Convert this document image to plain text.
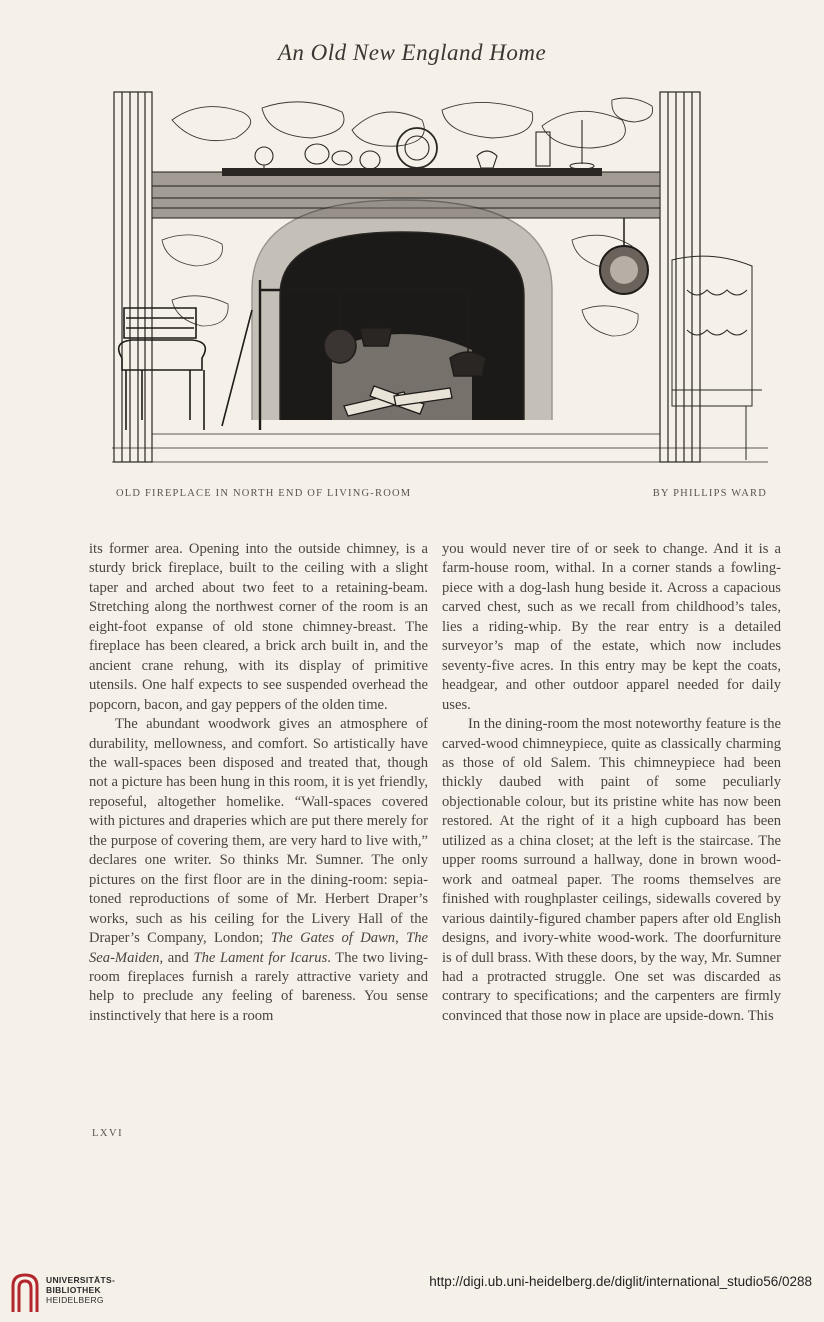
An Old New England Home
OLD FIREPLACE IN NORTH END OF LIVING-ROOM	BY PHILLIPS WARD

its former area. Opening into the outside chimney, is a sturdy brick fireplace, built to the ceiling with a slight taper and arched about two feet to a retaining-beam. Stretching along the northwest corner of the room is an eight-foot expanse of old stone chimney-breast. The fireplace has been cleared, a brick arch built in, and the ancient crane rehung, with its display of primitive utensils. One half expects to see suspended overhead the popcorn, bacon, and gay peppers of the olden time.

The abundant woodwork gives an atmosphere of durability, mellowness, and comfort. So artistically have the wall-spaces been disposed and treated that, though not a picture has been hung in this room, it is yet friendly, reposeful, altogether homelike. “Wall-spaces covered with pictures and draperies which are put there merely for the purpose of covering them, are very hard to live with,” declares one writer. So thinks Mr. Sumner. The only pictures on the first floor are in the dining-room: sepia-toned reproductions of some of Mr. Herbert Draper’s works, such as his ceiling for the Livery Hall of the Draper’s Company, London; The Gates of Dawn, The Sea-Maiden, and The Lament for Icarus. The two living-room fireplaces furnish a rarely attractive variety and help to preclude any feeling of bareness. You sense instinctively that here is a room

you would never tire of or seek to change. And it is a farm-house room, withal. In a corner stands a fowling-piece with a dog-lash hung beside it. Across a capacious carved chest, such as we recall from childhood’s tales, lies a riding-whip. By the rear entry is a detailed surveyor’s map of the estate, which now includes seventy-five acres. In this entry may be kept the coats, headgear, and other outdoor apparel needed for daily uses.

In the dining-room the most noteworthy feature is the carved-wood chimneypiece, quite as classically charming as those of old Salem. This chimneypiece had been thickly daubed with paint of some peculiarly objectionable colour, but its pristine white has now been restored. At the right of it a high cupboard has been utilized as a china closet; at the left is the staircase. The upper rooms surround a hallway, done in brown wood-work and oatmeal paper. The rooms themselves are finished with roughplaster ceilings, sidewalls covered by various daintily-figured chamber papers after old English designs, and ivory-white wood-work. The doorfurniture is of dull brass. With these doors, by the way, Mr. Sumner had a protracted struggle. One set was discarded as contrary to specifications; and the carpenters are firmly convinced that those now in place are upside-down. This

LXVI
UNIVERSITÄTS-
BIBLIOTHEK
HEIDELBERG
http://digi.ub.uni-heidelberg.de/diglit/international_studio56/0288
